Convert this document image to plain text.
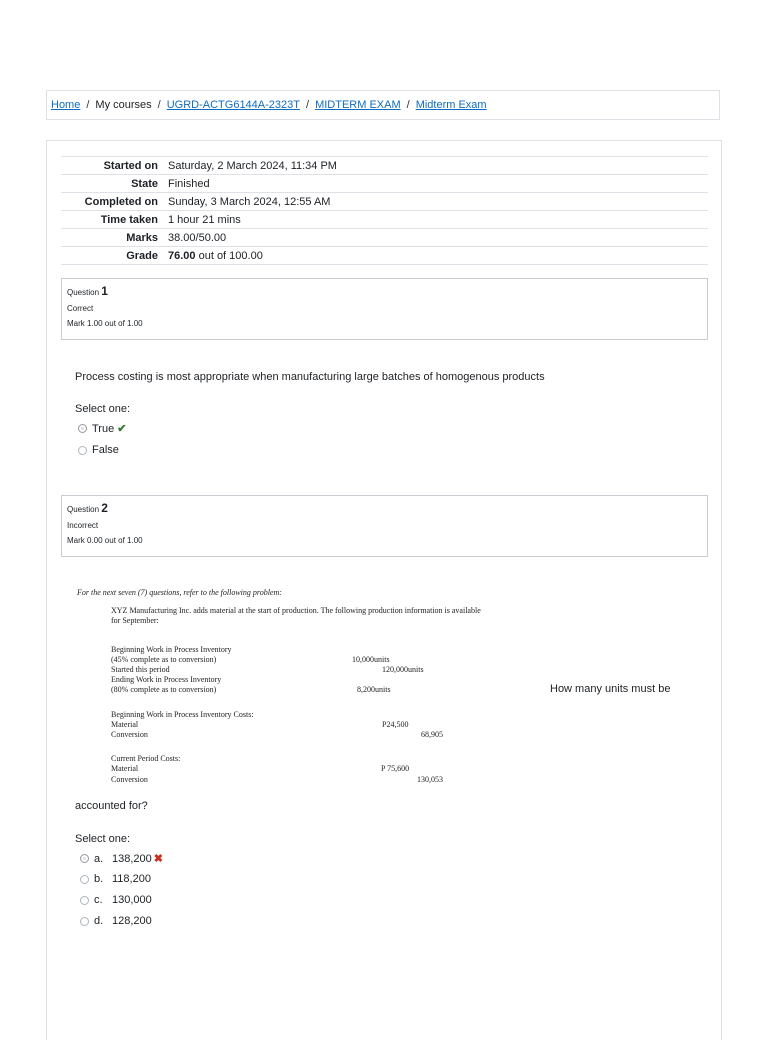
Home / My courses / UGRD-ACTG6144A-2323T / MIDTERM EXAM / Midterm Exam
Started on	Saturday, 2 March 2024, 11:34 PM
State	Finished
Completed on	Sunday, 3 March 2024, 12:55 AM
Time taken	1 hour 21 mins
Marks	38.00/50.00
Grade	76.00 out of 100.00
Question 1
Correct
Mark 1.00 out of 1.00
Process costing is most appropriate when manufacturing large batches of homogenous products
Select one:
True ✔
False
Question 2
Incorrect
Mark 0.00 out of 1.00
For the next seven (7) questions, refer to the following problem:
XYZ Manufacturing Inc. adds material at the start of production. The following production information is available
for September:
Beginning Work in Process Inventory
(45% complete as to conversion)	10,000units
Started this period	120,000units
Ending Work in Process Inventory
(80% complete as to conversion)	8,200units	How many units must be
Beginning Work in Process Inventory Costs:
Material	P24,500
Conversion	68,905
Current Period Costs:
Material	P 75,600
Conversion	130,053
accounted for?
Select one:
a. 138,200 ✖
b. 118,200
c. 130,000
d. 128,200
